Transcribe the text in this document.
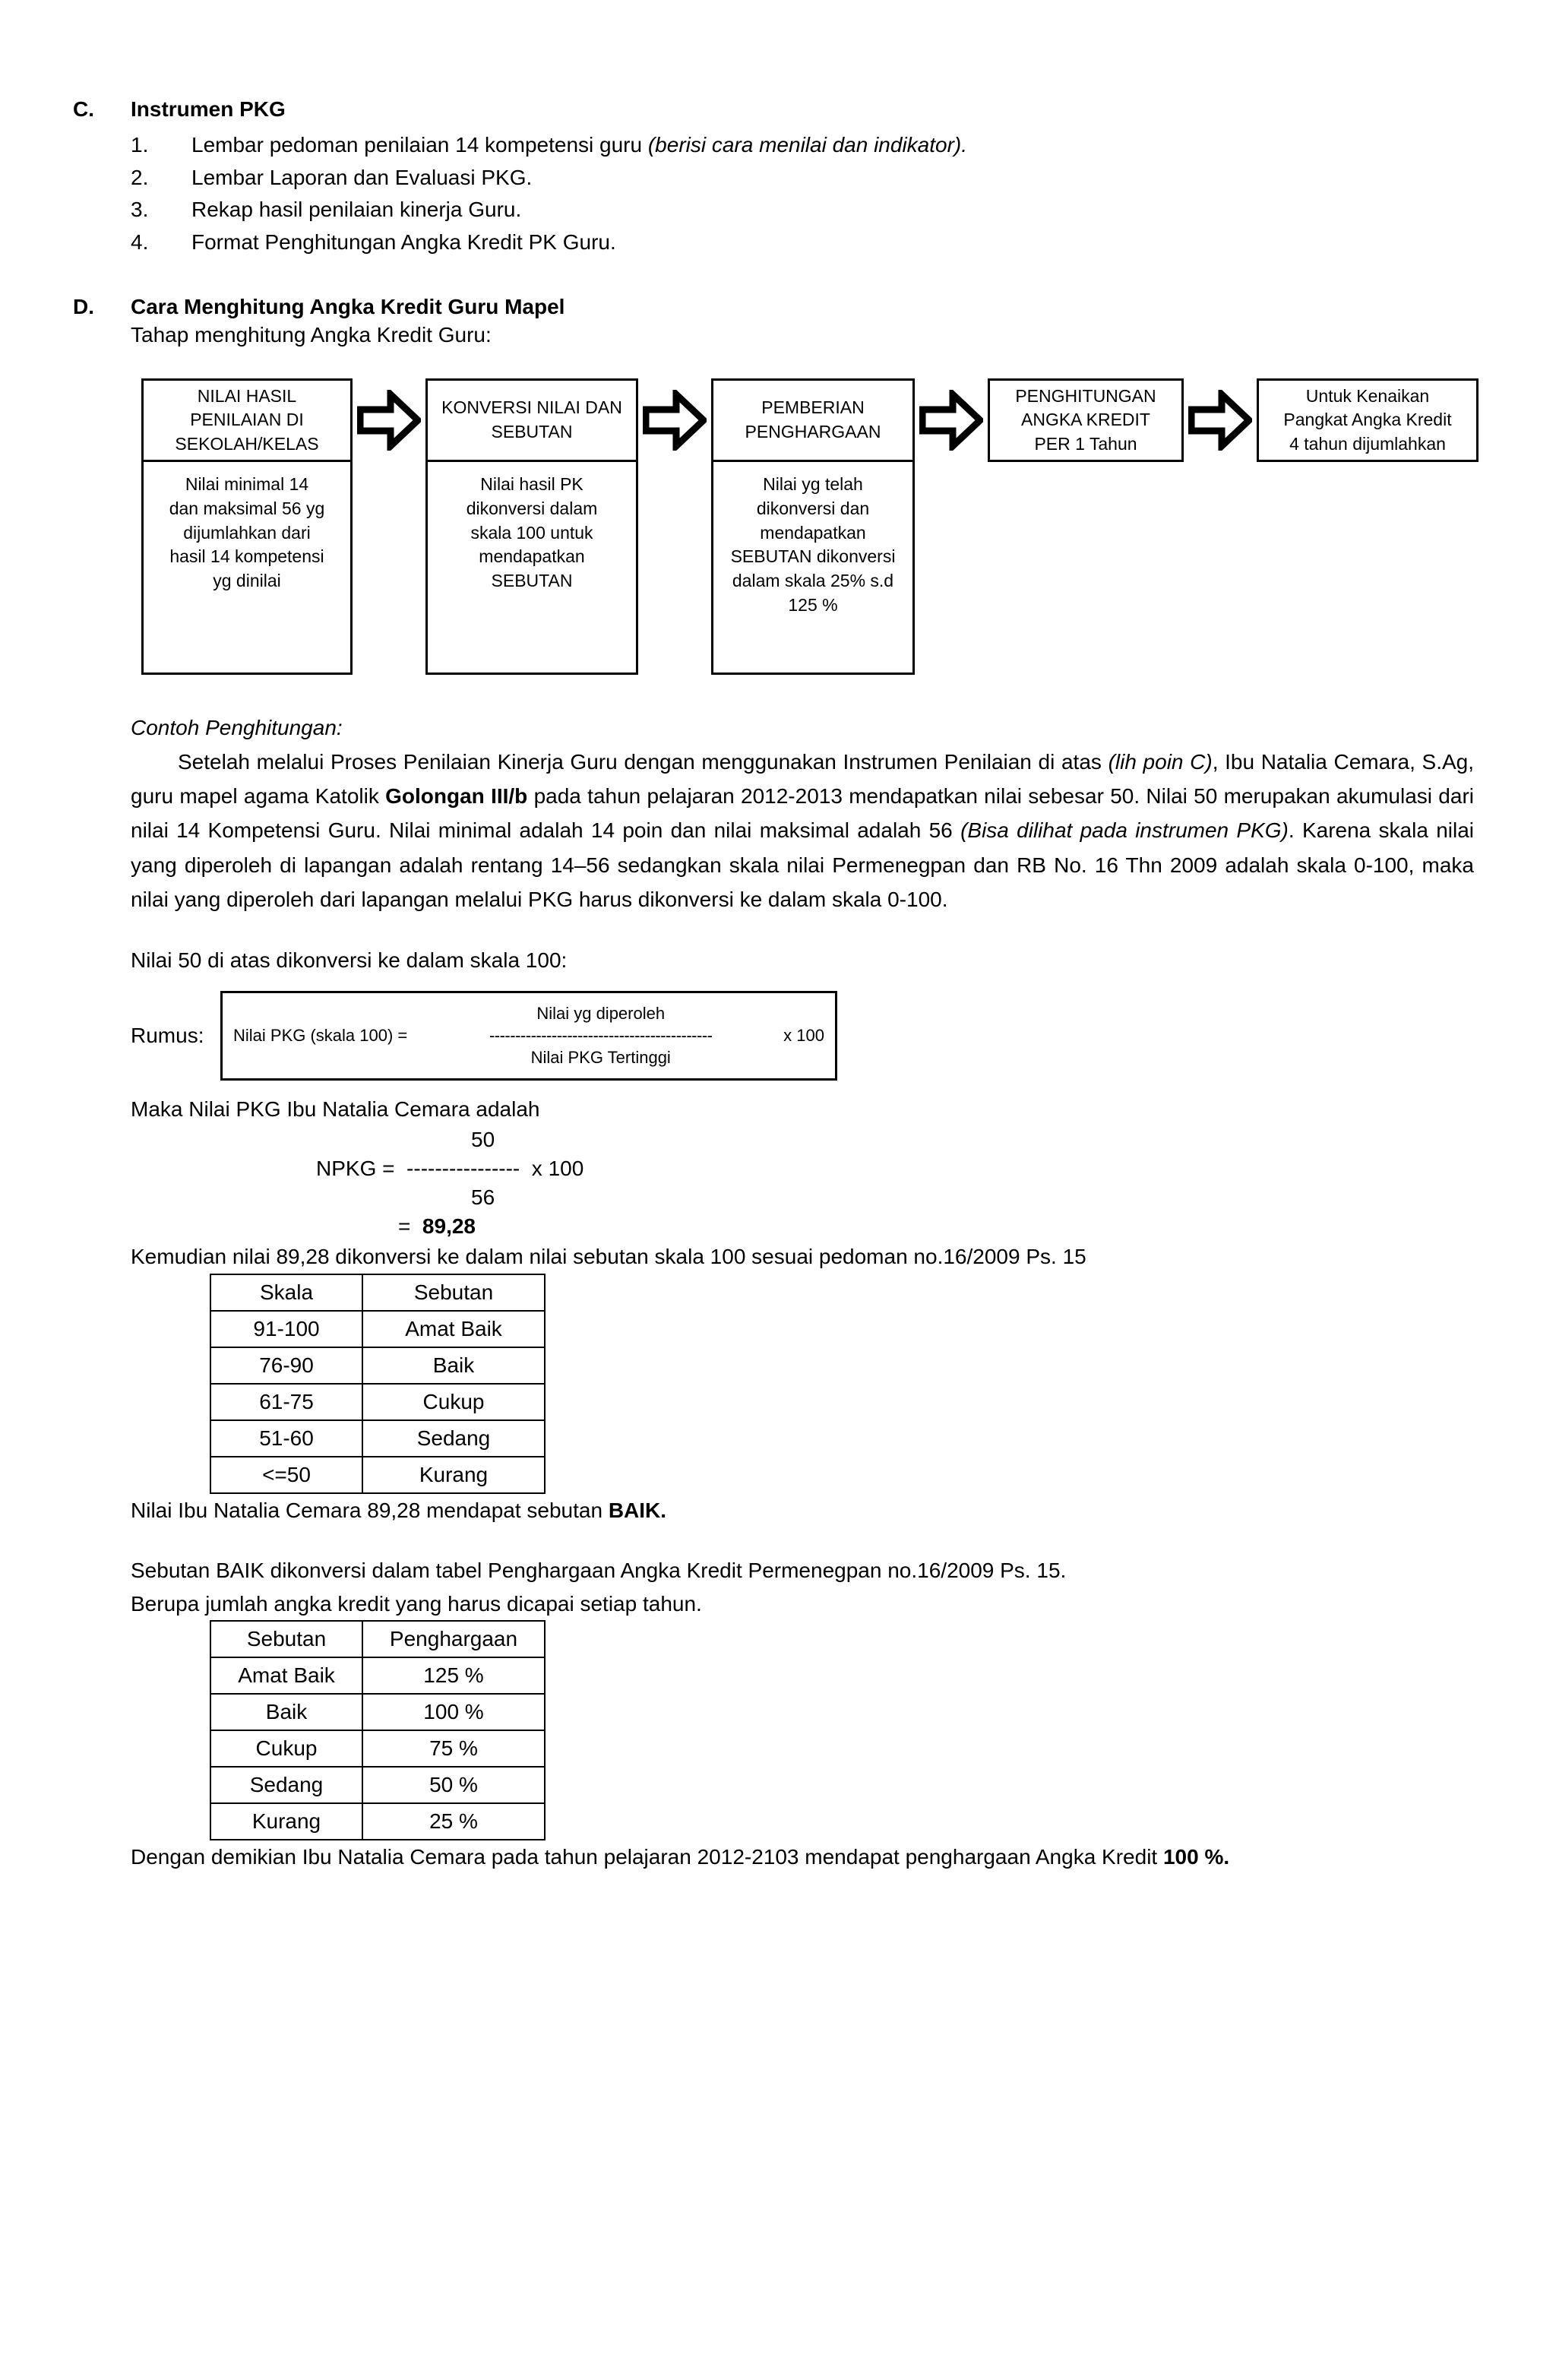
C.	Instrumen PKG
1.	Lembar pedoman penilaian 14 kompetensi guru (berisi cara menilai dan indikator).
2.	Lembar Laporan dan Evaluasi PKG.
3.	Rekap hasil penilaian kinerja Guru.
4.	Format Penghitungan Angka Kredit PK Guru.
D.	Cara Menghitung Angka Kredit Guru Mapel
Tahap menghitung Angka Kredit Guru:
NILAI HASIL
PENILAIAN DI
SEKOLAH/KELAS
Nilai minimal 14
dan maksimal 56 yg
dijumlahkan dari
hasil 14 kompetensi
yg dinilai
KONVERSI NILAI DAN
SEBUTAN
Nilai hasil PK
dikonversi dalam
skala 100 untuk
mendapatkan
SEBUTAN
PEMBERIAN
PENGHARGAAN
Nilai yg telah
dikonversi dan
mendapatkan
SEBUTAN dikonversi
dalam skala 25% s.d
125 %
PENGHITUNGAN
ANGKA KREDIT
PER 1 Tahun
Untuk Kenaikan
Pangkat Angka Kredit
4 tahun dijumlahkan
Contoh Penghitungan:
Setelah melalui Proses Penilaian Kinerja Guru dengan menggunakan Instrumen Penilaian di atas (lih poin C), Ibu Natalia Cemara, S.Ag, guru mapel agama Katolik Golongan III/b pada tahun pelajaran 2012-2013 mendapatkan nilai sebesar 50. Nilai 50 merupakan akumulasi dari nilai 14 Kompetensi Guru. Nilai minimal adalah 14 poin dan nilai maksimal adalah 56 (Bisa dilihat pada instrumen PKG). Karena skala nilai yang diperoleh di lapangan adalah rentang 14–56 sedangkan skala nilai Permenegpan dan RB No. 16 Thn 2009 adalah skala 0-100, maka nilai yang diperoleh dari lapangan melalui PKG harus dikonversi ke dalam skala 0-100.
Nilai 50 di atas dikonversi ke dalam skala 100:
Rumus:	Nilai PKG (skala 100) =
Nilai yg diperoleh
-------------------------------------------
Nilai PKG Tertinggi
x 100
Maka Nilai PKG Ibu Natalia Cemara adalah
50
NPKG = ---------------- x 100
56
= 89,28
Kemudian nilai 89,28 dikonversi ke dalam nilai sebutan skala 100 sesuai pedoman no.16/2009 Ps. 15
Skala	Sebutan
91-100	Amat Baik
76-90	Baik
61-75	Cukup
51-60	Sedang
<=50	Kurang
Nilai Ibu Natalia Cemara 89,28 mendapat sebutan BAIK.
Sebutan BAIK dikonversi dalam tabel Penghargaan Angka Kredit Permenegpan no.16/2009 Ps. 15.
Berupa jumlah angka kredit yang harus dicapai setiap tahun.
Sebutan	Penghargaan
Amat Baik	125 %
Baik	100 %
Cukup	75 %
Sedang	50 %
Kurang	25 %
Dengan demikian Ibu Natalia Cemara pada tahun pelajaran 2012-2103 mendapat penghargaan Angka Kredit 100 %.
